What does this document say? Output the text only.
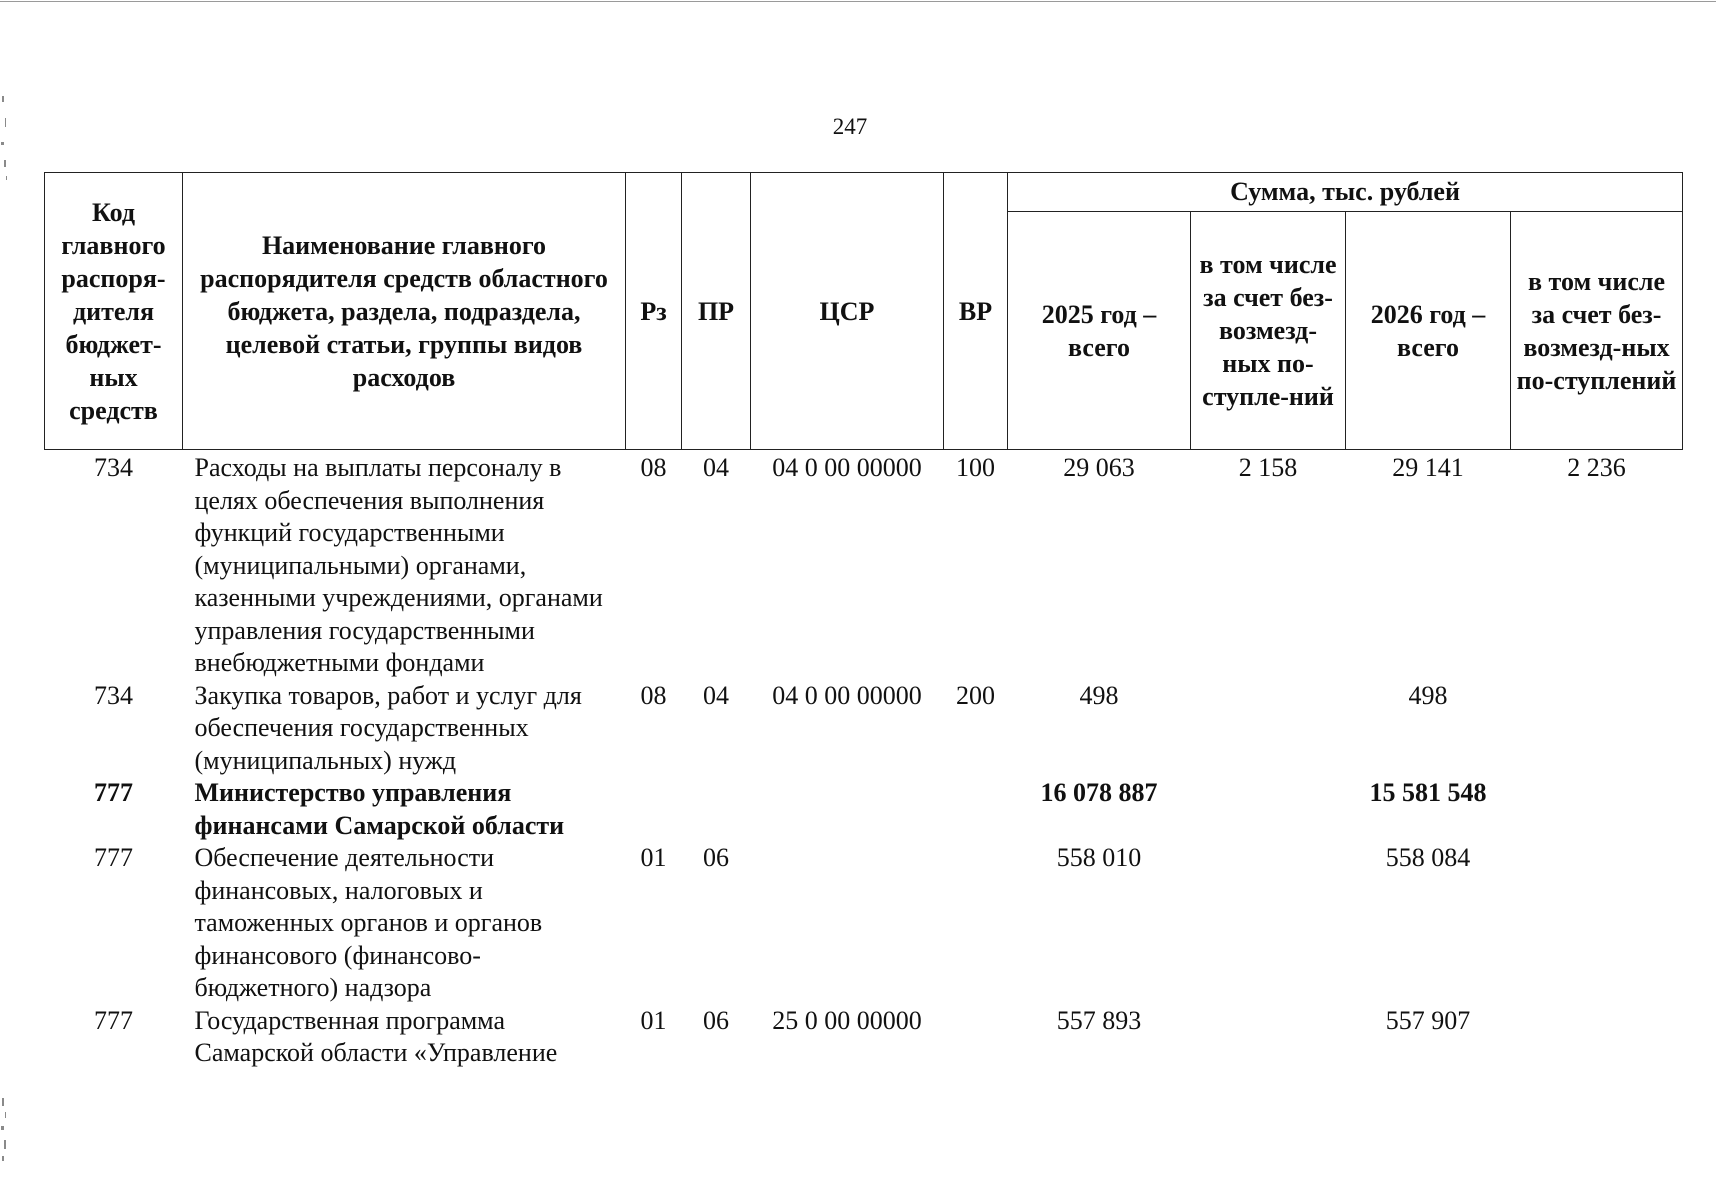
247
Код главного распоря-дителя бюджет-ных средств	Наименование главного распорядителя средств областного бюджета, раздела, подраздела, целевой статьи, группы видов расходов	Рз	ПР	ЦСР	ВР	Сумма, тыс. рублей			
						2025 год – всего	в том числе за счет без-возмезд-ных по-ступле-ний	2026 год – всего	в том числе за счет без-возмезд-ных по-ступлений
734	Расходы на выплаты персоналу в целях обеспечения выполнения функций государственными (муниципальными) органами, казенными учреждениями, органами управления государственными внебюджетными фондами	08	04	04 0 00 00000	100	29 063	2 158	29 141	2 236
734	Закупка товаров, работ и услуг для обеспечения государственных (муниципальных) нужд	08	04	04 0 00 00000	200	498		498	
777	Министерство управления финансами Самарской области					16 078 887		15 581 548	
777	Обеспечение деятельности финансовых, налоговых и таможенных органов и органов финансового (финансово-бюджетного) надзора	01	06			558 010		558 084	
777	Государственная программа Самарской области «Управление	01	06	25 0 00 00000		557 893		557 907	
